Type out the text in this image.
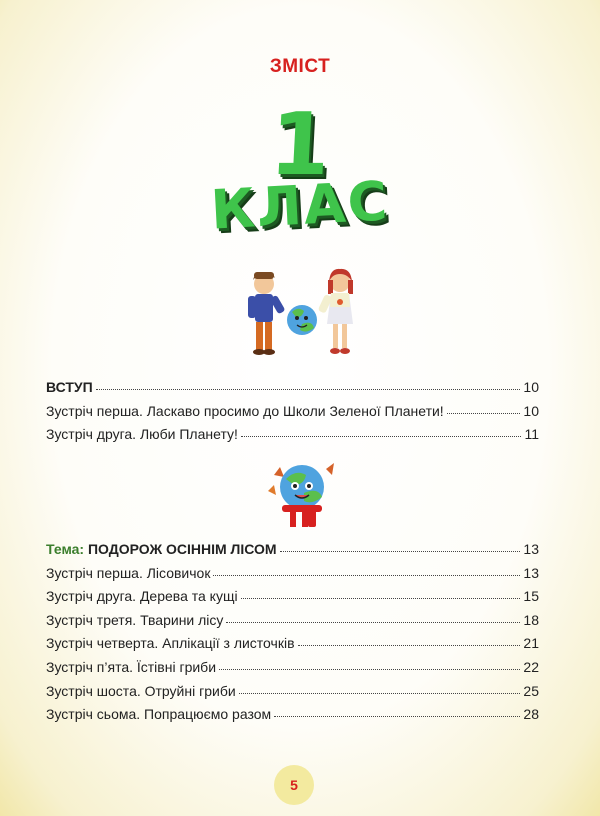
ЗМІСТ
1
КЛАС
ВСТУП	10
Зустріч перша. Ласкаво просимо до Школи Зеленої Планети!	10
Зустріч друга. Люби Планету!	11
Тема: ПОДОРОЖ ОСІННІМ ЛІСОМ	13
Зустріч перша. Лісовичок	13
Зустріч друга. Дерева та кущі	15
Зустріч третя. Тварини лісу	18
Зустріч четверта. Аплікації з листочків	21
Зустріч п’ята. Їстівні гриби	22
Зустріч шоста. Отруйні гриби	25
Зустріч сьома. Попрацюємо разом	28
5
